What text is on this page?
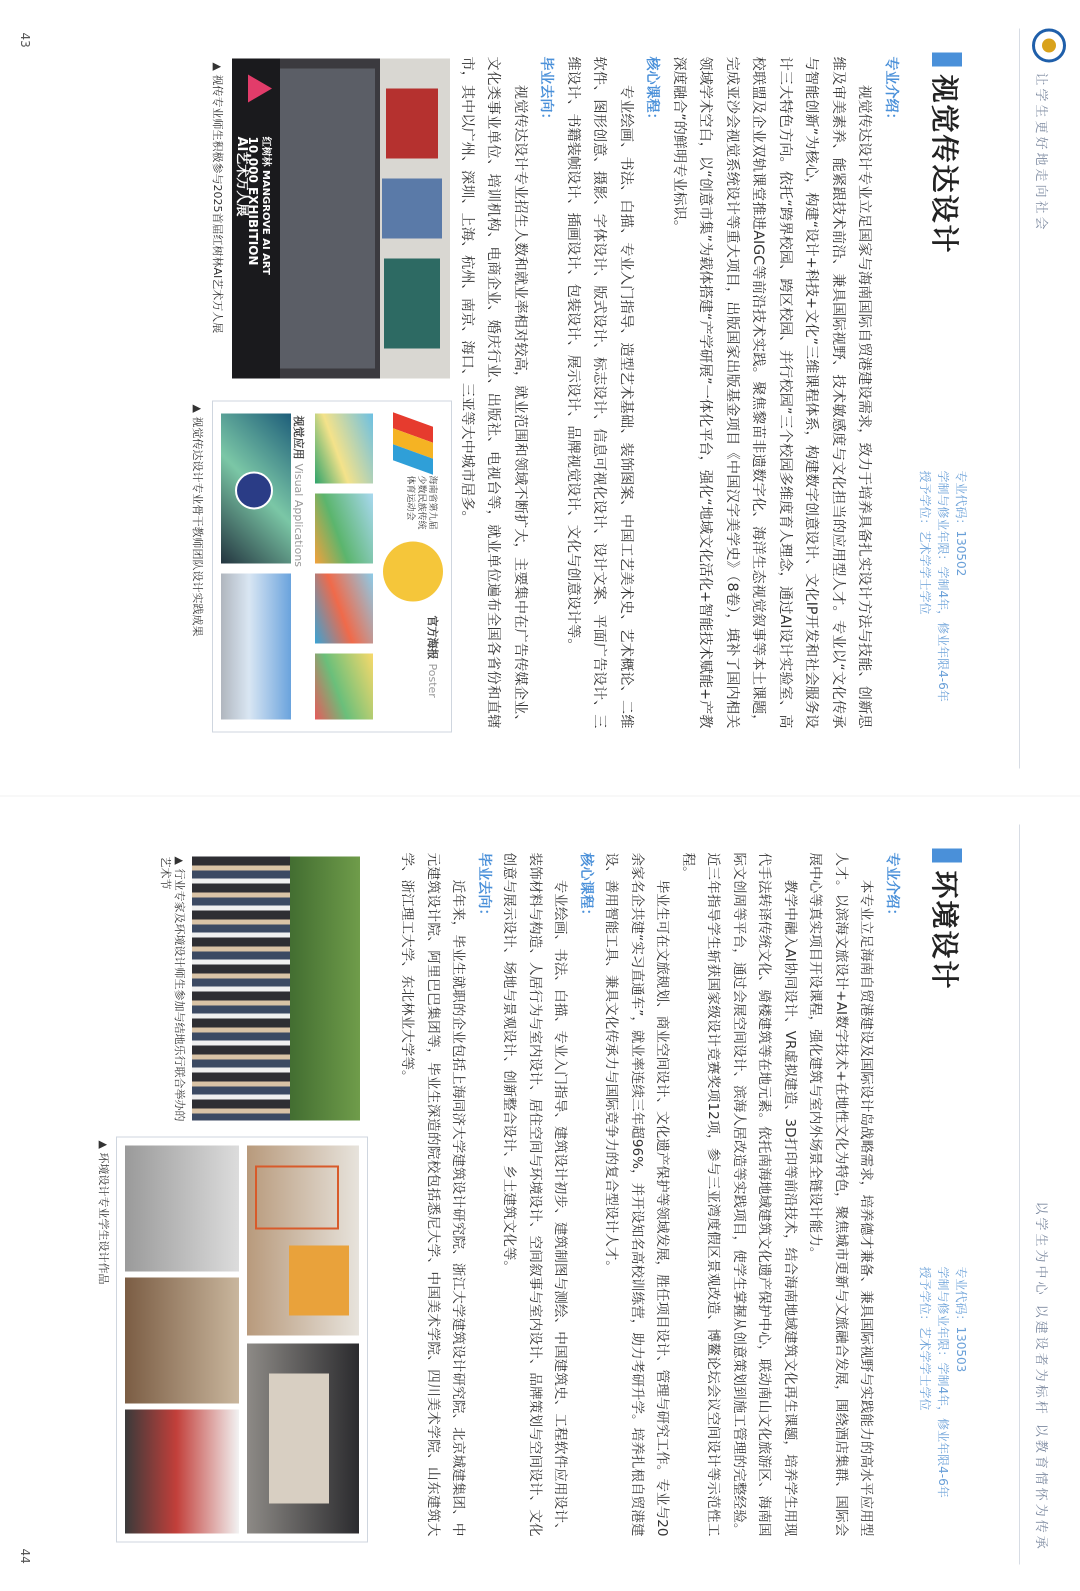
让学生更好地走向社会
视觉传达设计
专业代码：130502
学制与修业年限：学制4年，修业年限4-6年
授予学位：艺术学学士学位

专业介绍：

视觉传达设计专业立足国家与海南国际自贸港建设需求，致力于培养具备扎实设计方法与技能、创新思维及审美素养、能紧跟技术前沿、兼具国际视野、技术敏感度与文化担当的应用型人才。专业以“文化传承与智能创新”为核心，构建“设计+科技+文化”三维课程体系，构建数字创意设计、文化IP开发和社会服务设计三大特色方向。依托“跨界校园、跨区校园、并行校园”三个校园多维度育人理念，通过AI设计实验室、高校联盟及企业双轨课堂推进AIGC等前沿技术实践。聚焦黎苗非遗数字化、海洋生态视觉叙事等本土课题，完成亚沙会视觉系统设计等重大项目，出版国家出版基金项目《中国汉字美学史》（8卷），填补了国内相关领域学术空白，以“创意市集”为载体搭建“产学研展”一体化平台，强化“地域文化活化+智能技术赋能+产教深度融合”的鲜明专业标识。

核心课程：

专业绘画、书法、白描、专业入门指导、造型艺术基础、装饰图案、中国工艺美术史、艺术概论、二维软件、图形创意、摄影、字体设计、版式设计、标志设计、信息可视化设计、设计文案、平面广告设计、三维设计、书籍装帧设计、插画设计、包装设计、展示设计、品牌视觉设计、文化与创意设计等。

毕业去向：

视觉传达设计专业招生人数和就业率相对较高，就业范围和领域不断扩大，主要集中在广告传媒企业、文化类事业单位、培训机构、电商企业、婚庆行业、出版社、电视台等，就业单位遍布全国各省份和直辖市，其中以广州、深圳、上海、杭州、南京、海口、三亚等大中城市居多。

红树林 MANGROVE AI ART
10,000 EXHIBITION
AI艺术万人展
▲ 视传专业师生积极参与2025首届红树林AI艺术万人展
海南省第九届少数民族传统体育运动会
官方海报Poster
视觉应用Visual Applications
▲ 视觉传达设计专业骨干教师团队设计实践成果
43
以学生为中心 以建设者为标杆 以教育情怀为传承
环境设计
专业代码：130503
学制与修业年限：学制4年，修业年限4-6年
授予学位：艺术学学士学位

专业介绍：

本专业立足海南自贸港建设及国际设计岛战略需求，培养德才兼备、兼具国际视野与实践能力的高水平应用型人才。以滨海文旅设计+AI数字技术+在地性文化为特色，聚焦城市更新与文旅融合发展，围绕酒店集群、国际会展中心等真实项目开设课程，强化建筑与室内外场景全链设计能力。

教学中融入AI协同设计、VR虚拟建造、3D打印等前沿技术，结合海南地域建筑文化再生课题，培养学生用现代手法转译传统文化、骑楼建筑等在地元素。依托南海地域建筑文化遗产保护中心，联动南山文化旅游区、海南国际文创周等平台，通过会展空间设计、滨海人居改造等实践项目，使学生掌握从创意策划到施工管理的完整经验。近三年指导学生斩获国家级设计竞赛奖项12项，参与三亚湾度假区景观改造、博鳌论坛会议空间设计等示范性工程。

毕业生可在文旅规划、商业空间设计、文化遗产保护等领域发展，胜任项目设计、管理与研究工作。专业与20余家名企共建“实习直通车”，就业率连续三年超96%，并开设知名高校训练营，助力考研升学。培养扎根自贸港建设、善用智能工具、兼具文化传承力与国际竞争力的复合型设计人才。

核心课程：

专业绘画、书法、白描、专业入门指导、建筑设计初步、建筑制图与测绘、中国建筑史、工程软件应用设计、装饰材料与构造、人居行为与室内设计、居住空间与环境设计、空间叙事与室内设计、品牌策划与空间设计、文化创意与展示设计、场地与景观设计、创新整合设计、乡土建筑文化等。

毕业去向：

近年来，毕业生就职的企业包括上海同济大学建筑设计研究院、浙江大学建筑设计研究院、北京城建集团、中元建筑设计院、阿里巴巴集团等，毕业生深造的院校包括悉尼大学、中国美术学院、四川美术学院、山东建筑大学、浙江理工大学、东北林业大学等。

▲ 环境设计专业学生设计作品
▲ 行业专家及环境设计师生参加与结地乐行联合举办的艺术节
44
